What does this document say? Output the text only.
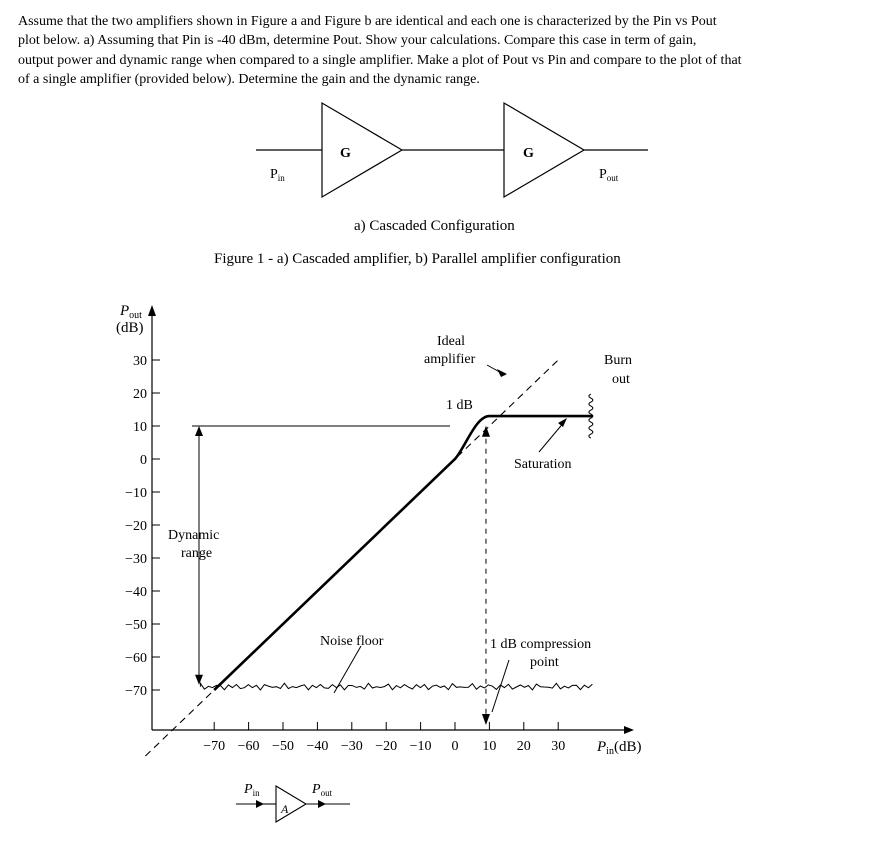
Assume that the two amplifiers shown in Figure a and Figure b are identical and each one is characterized by the Pin vs Pout
plot below. a) Assuming that Pin is -40 dBm, determine Pout. Show your calculations. Compare this case in term of gain,
output power and dynamic range when compared to a single amplifier. Make a plot of Pout vs Pin and compare to the plot of that
of a single amplifier (provided below). Determine the gain and the dynamic range.
G	G
$P_{in}$	$P_{out}$
a) Cascaded Configuration
Figure 1 - a) Cascaded amplifier, b) Parallel amplifier configuration
30
20
10
0
−10
−20
−30
−40
−50
−60
−70
−70 −60 −50 −40 −30 −20 −10 0 10 20 30
$P_{out}$
(dB)
$P_{in}(dB)$
Ideal
amplifier
1 dB
Burn
out
Saturation
Dynamic
range
Noise floor	1 dB compression
point
A
$P_{in}$	$P_{out}$
